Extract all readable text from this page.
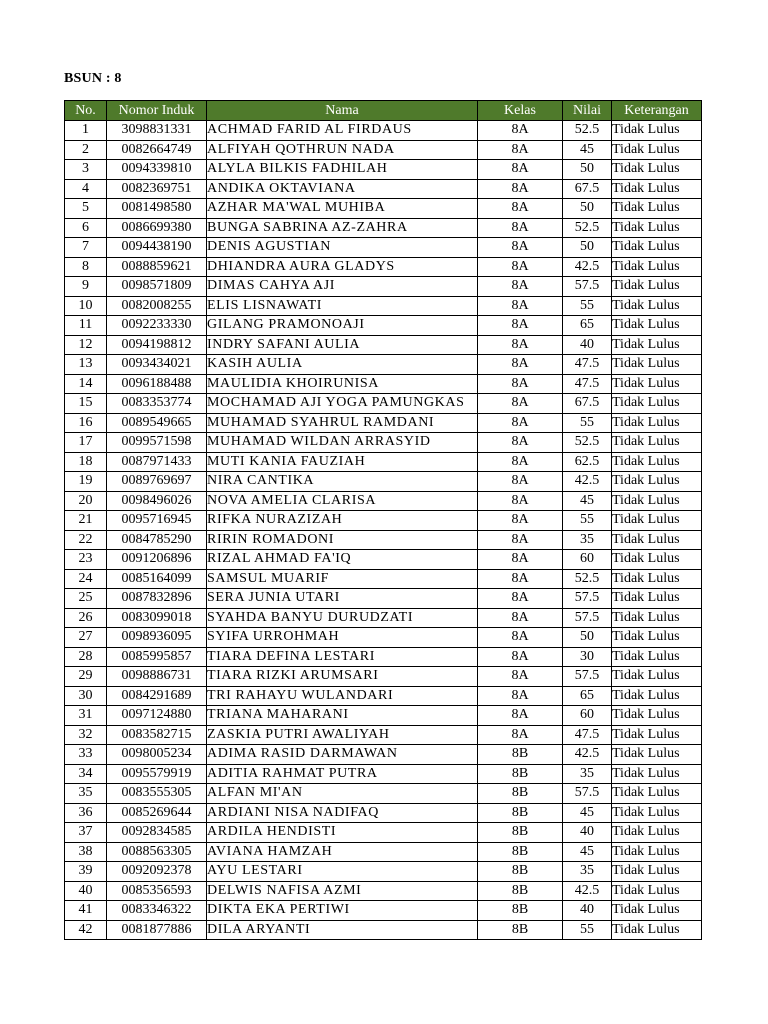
BSUN : 8
No.	Nomor Induk	Nama	Kelas	Nilai	Keterangan
1	3098831331	ACHMAD FARID AL FIRDAUS	8A	52.5	Tidak Lulus
2	0082664749	ALFIYAH QOTHRUN NADA	8A	45	Tidak Lulus
3	0094339810	ALYLA BILKIS FADHILAH	8A	50	Tidak Lulus
4	0082369751	ANDIKA OKTAVIANA	8A	67.5	Tidak Lulus
5	0081498580	AZHAR MA'WAL MUHIBA	8A	50	Tidak Lulus
6	0086699380	BUNGA SABRINA AZ-ZAHRA	8A	52.5	Tidak Lulus
7	0094438190	DENIS AGUSTIAN	8A	50	Tidak Lulus
8	0088859621	DHIANDRA AURA GLADYS	8A	42.5	Tidak Lulus
9	0098571809	DIMAS CAHYA AJI	8A	57.5	Tidak Lulus
10	0082008255	ELIS LISNAWATI	8A	55	Tidak Lulus
11	0092233330	GILANG PRAMONOAJI	8A	65	Tidak Lulus
12	0094198812	INDRY SAFANI AULIA	8A	40	Tidak Lulus
13	0093434021	KASIH AULIA	8A	47.5	Tidak Lulus
14	0096188488	MAULIDIA KHOIRUNISA	8A	47.5	Tidak Lulus
15	0083353774	MOCHAMAD AJI YOGA PAMUNGKAS	8A	67.5	Tidak Lulus
16	0089549665	MUHAMAD SYAHRUL RAMDANI	8A	55	Tidak Lulus
17	0099571598	MUHAMAD WILDAN ARRASYID	8A	52.5	Tidak Lulus
18	0087971433	MUTI KANIA FAUZIAH	8A	62.5	Tidak Lulus
19	0089769697	NIRA CANTIKA	8A	42.5	Tidak Lulus
20	0098496026	NOVA AMELIA CLARISA	8A	45	Tidak Lulus
21	0095716945	RIFKA NURAZIZAH	8A	55	Tidak Lulus
22	0084785290	RIRIN ROMADONI	8A	35	Tidak Lulus
23	0091206896	RIZAL AHMAD FA'IQ	8A	60	Tidak Lulus
24	0085164099	SAMSUL MUARIF	8A	52.5	Tidak Lulus
25	0087832896	SERA JUNIA UTARI	8A	57.5	Tidak Lulus
26	0083099018	SYAHDA BANYU DURUDZATI	8A	57.5	Tidak Lulus
27	0098936095	SYIFA URROHMAH	8A	50	Tidak Lulus
28	0085995857	TIARA DEFINA LESTARI	8A	30	Tidak Lulus
29	0098886731	TIARA RIZKI ARUMSARI	8A	57.5	Tidak Lulus
30	0084291689	TRI RAHAYU WULANDARI	8A	65	Tidak Lulus
31	0097124880	TRIANA MAHARANI	8A	60	Tidak Lulus
32	0083582715	ZASKIA PUTRI AWALIYAH	8A	47.5	Tidak Lulus
33	0098005234	ADIMA RASID DARMAWAN	8B	42.5	Tidak Lulus
34	0095579919	ADITIA RAHMAT PUTRA	8B	35	Tidak Lulus
35	0083555305	ALFAN MI'AN	8B	57.5	Tidak Lulus
36	0085269644	ARDIANI NISA NADIFAQ	8B	45	Tidak Lulus
37	0092834585	ARDILA HENDISTI	8B	40	Tidak Lulus
38	0088563305	AVIANA HAMZAH	8B	45	Tidak Lulus
39	0092092378	AYU LESTARI	8B	35	Tidak Lulus
40	0085356593	DELWIS NAFISA AZMI	8B	42.5	Tidak Lulus
41	0083346322	DIKTA EKA PERTIWI	8B	40	Tidak Lulus
42	0081877886	DILA ARYANTI	8B	55	Tidak Lulus
